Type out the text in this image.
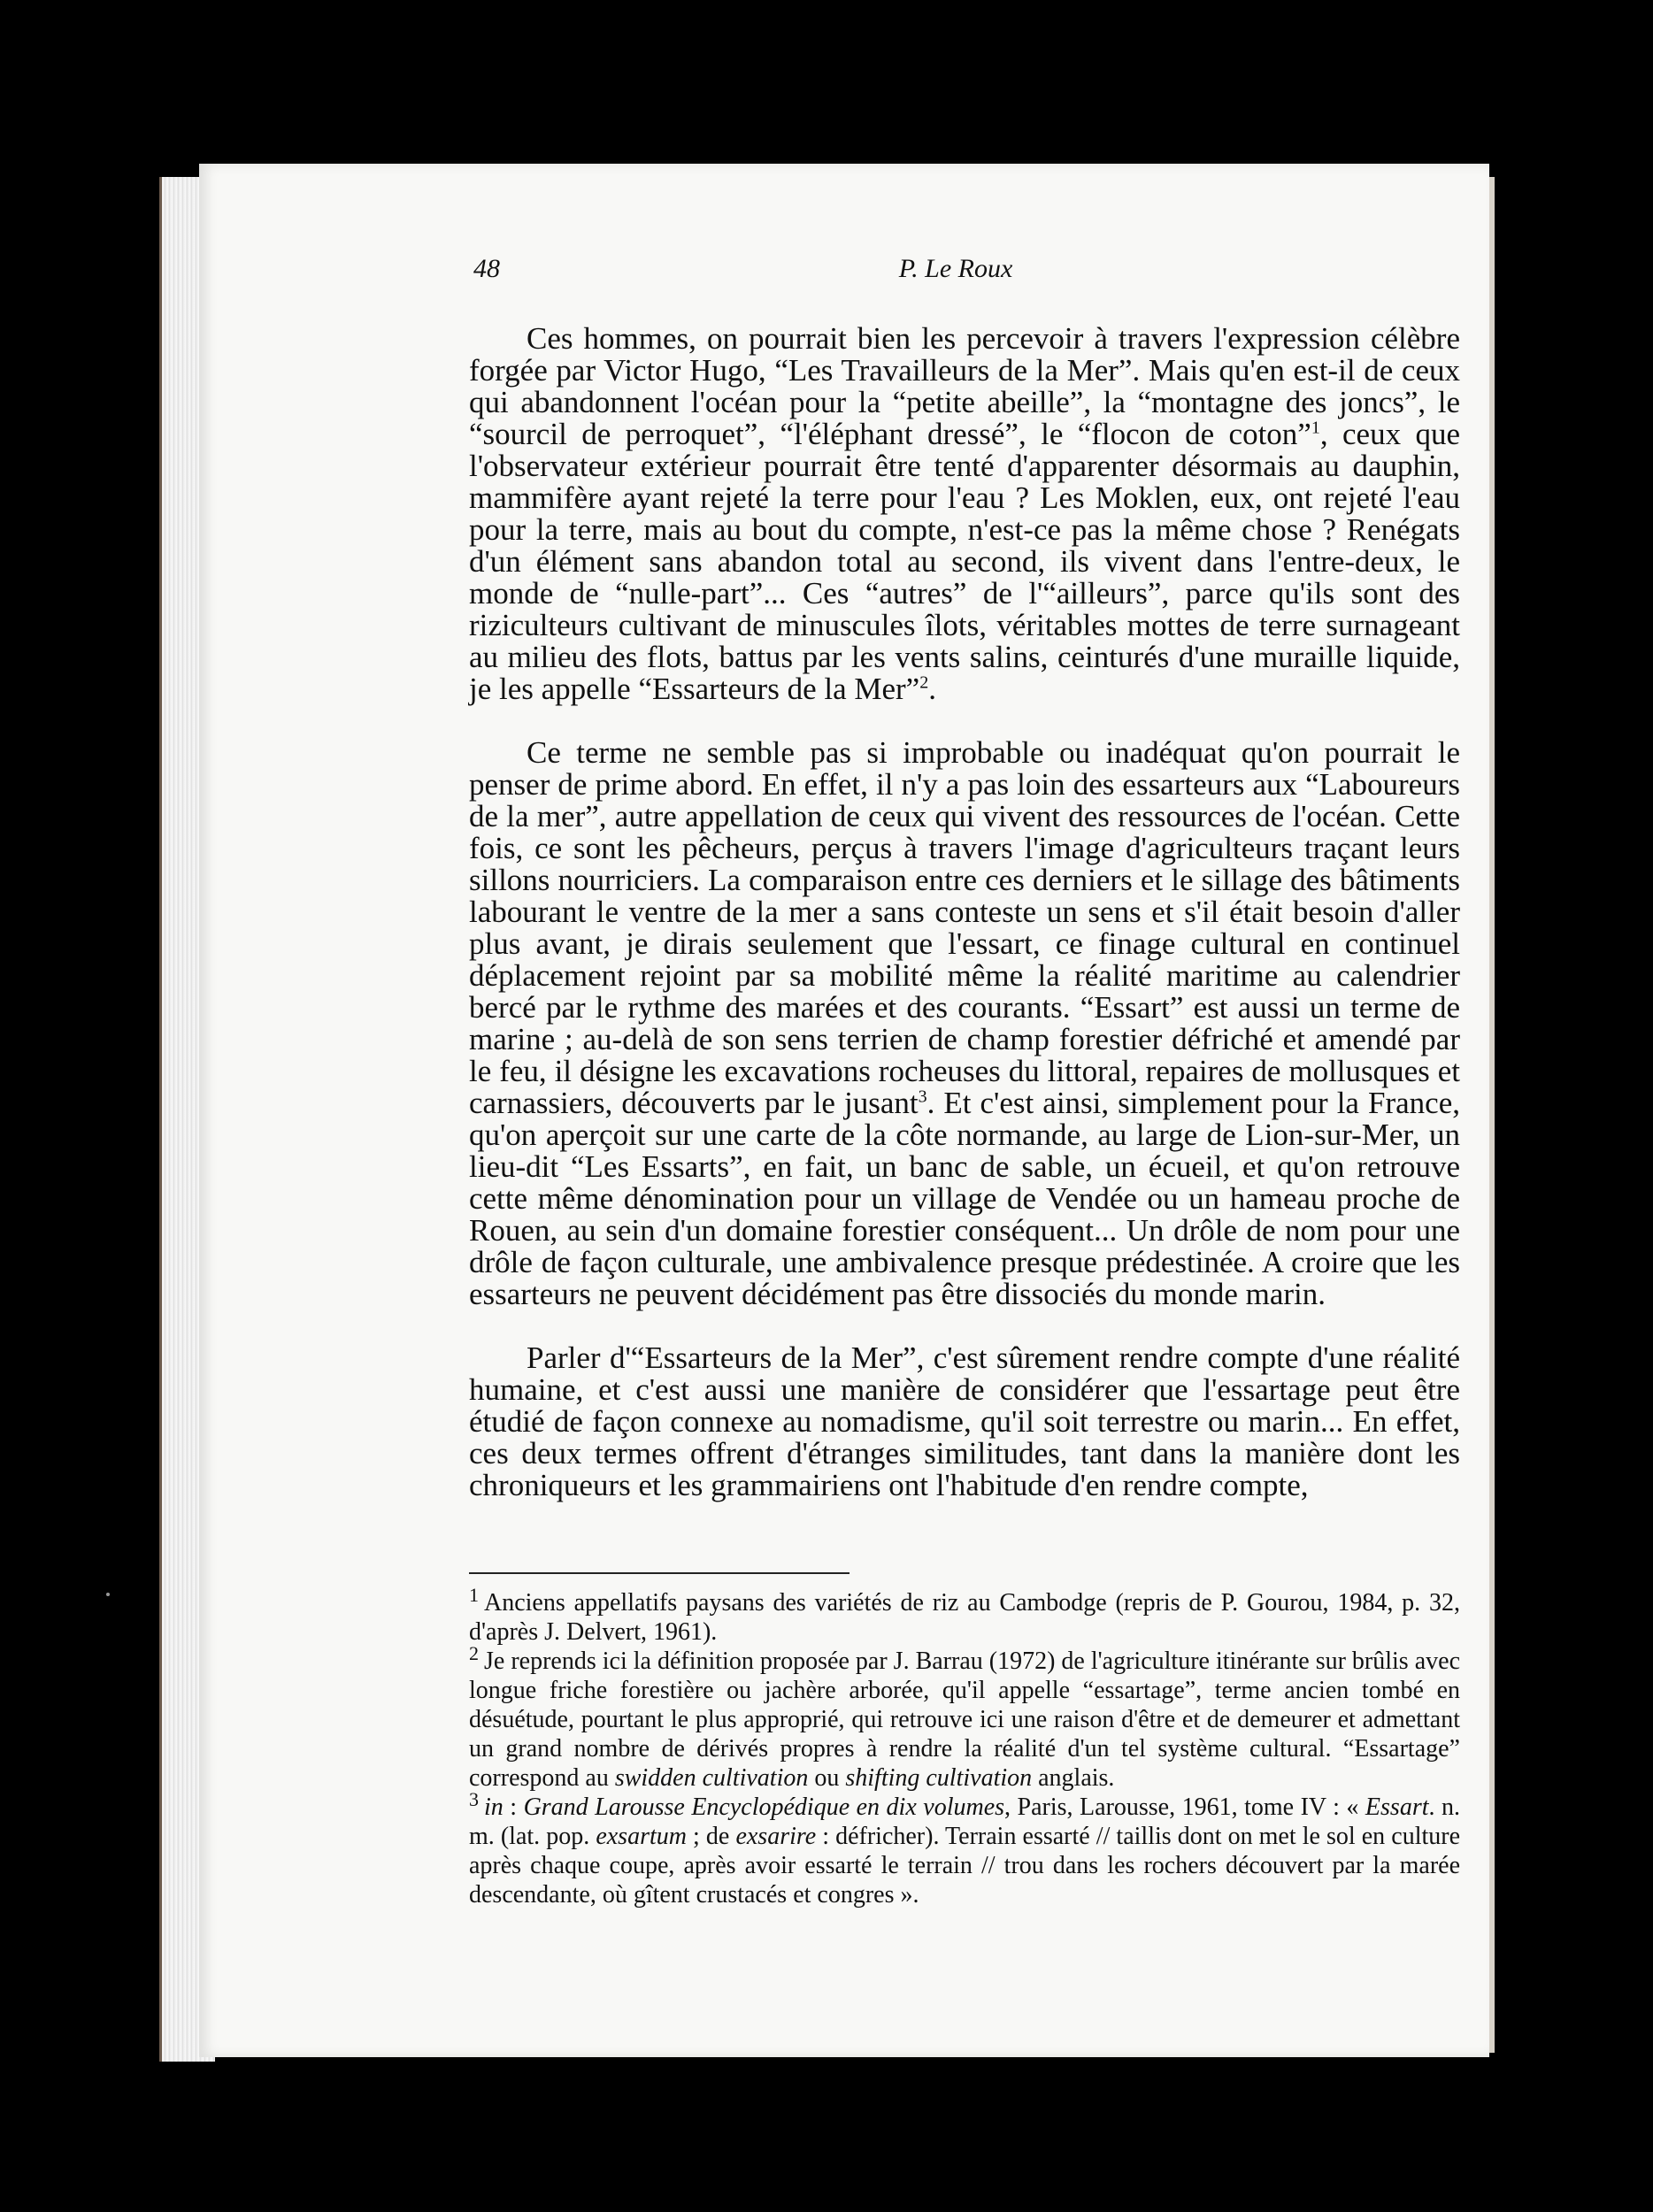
48	P. Le Roux

Ces hommes, on pourrait bien les percevoir à travers l'expression célèbre forgée par Victor Hugo, “Les Travailleurs de la Mer”. Mais qu'en est-il de ceux qui abandonnent l'océan pour la “petite abeille”, la “montagne des joncs”, le “sourcil de perroquet”, “l'éléphant dressé”, le “flocon de coton”$^1$, ceux que l'observateur extérieur pourrait être tenté d'apparenter désormais au dauphin, mammifère ayant rejeté la terre pour l'eau ? Les Moklen, eux, ont rejeté l'eau pour la terre, mais au bout du compte, n'est-ce pas la même chose ? Renégats d'un élément sans abandon total au second, ils vivent dans l'entre-deux, le monde de “nulle-part”... Ces “autres” de l'“ailleurs”, parce qu'ils sont des riziculteurs cultivant de minuscules îlots, véritables mottes de terre surnageant au milieu des flots, battus par les vents salins, ceinturés d'une muraille liquide, je les appelle “Essarteurs de la Mer”$^2$.

Ce terme ne semble pas si improbable ou inadéquat qu'on pourrait le penser de prime abord. En effet, il n'y a pas loin des essarteurs aux “Laboureurs de la mer”, autre appellation de ceux qui vivent des ressources de l'océan. Cette fois, ce sont les pêcheurs, perçus à travers l'image d'agriculteurs traçant leurs sillons nourriciers. La comparaison entre ces derniers et le sillage des bâtiments labourant le ventre de la mer a sans conteste un sens et s'il était besoin d'aller plus avant, je dirais seulement que l'essart, ce finage cultural en continuel déplacement rejoint par sa mobilité même la réalité maritime au calendrier bercé par le rythme des marées et des courants. “Essart” est aussi un terme de marine ; au-delà de son sens terrien de champ forestier défriché et amendé par le feu, il désigne les excavations rocheuses du littoral, repaires de mollusques et carnassiers, découverts par le jusant$^3$. Et c'est ainsi, simplement pour la France, qu'on aperçoit sur une carte de la côte normande, au large de Lion-sur-Mer, un lieu-dit “Les Essarts”, en fait, un banc de sable, un écueil, et qu'on retrouve cette même dénomination pour un village de Vendée ou un hameau proche de Rouen, au sein d'un domaine forestier conséquent... Un drôle de nom pour une drôle de façon culturale, une ambivalence presque prédestinée. A croire que les essarteurs ne peuvent décidément pas être dissociés du monde marin.

Parler d'“Essarteurs de la Mer”, c'est sûrement rendre compte d'une réalité humaine, et c'est aussi une manière de considérer que l'essartage peut être étudié de façon connexe au nomadisme, qu'il soit terrestre ou marin... En effet, ces deux termes offrent d'étranges similitudes, tant dans la manière dont les chroniqueurs et les grammairiens ont l'habitude d'en rendre compte,

$^1$ Anciens appellatifs paysans des variétés de riz au Cambodge (repris de P. Gourou, 1984, p. 32, d'après J. Delvert, 1961).

$^2$ Je reprends ici la définition proposée par J. Barrau (1972) de l'agriculture itinérante sur brûlis avec longue friche forestière ou jachère arborée, qu'il appelle “essartage”, terme ancien tombé en désuétude, pourtant le plus approprié, qui retrouve ici une raison d'être et de demeurer et admettant un grand nombre de dérivés propres à rendre la réalité d'un tel système cultural. “Essartage” correspond au swidden cultivation ou shifting cultivation anglais.

$^3$ in : Grand Larousse Encyclopédique en dix volumes, Paris, Larousse, 1961, tome IV : « Essart. n. m. (lat. pop. exsartum ; de exsarire : défricher). Terrain essarté // taillis dont on met le sol en culture après chaque coupe, après avoir essarté le terrain // trou dans les rochers découvert par la marée descendante, où gîtent crustacés et congres ».
